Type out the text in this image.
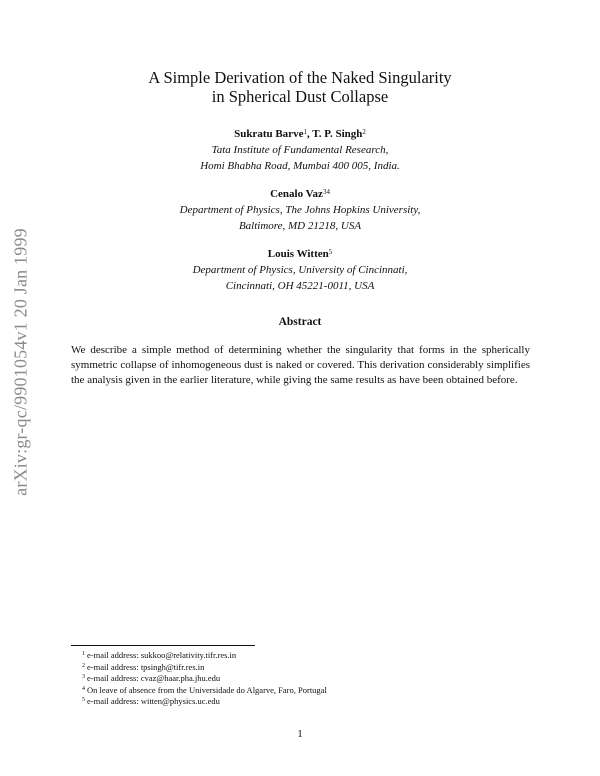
arXiv:gr-qc/9901054v1 20 Jan 1999
A Simple Derivation of the Naked Singularity
in Spherical Dust Collapse
Sukratu Barve$^1$, T. P. Singh$^2$
Tata Institute of Fundamental Research,
Homi Bhabha Road, Mumbai 400 005, India.
Cenalo Vaz$^{34}$
Department of Physics, The Johns Hopkins University,
Baltimore, MD 21218, USA
Louis Witten$^5$
Department of Physics, University of Cincinnati,
Cincinnati, OH 45221-0011, USA
Abstract
We describe a simple method of determining whether the singularity that forms in the spherically symmetric collapse of inhomogeneous dust is naked or covered. This derivation considerably simplifies the analysis given in the earlier literature, while giving the same results as have been obtained before.
$^1$ e-mail address: sukkoo@relativity.tifr.res.in
$^2$ e-mail address: tpsingh@tifr.res.in
$^3$ e-mail address: cvaz@haar.pha.jhu.edu
$^4$ On leave of absence from the Universidade do Algarve, Faro, Portugal
$^5$ e-mail address: witten@physics.uc.edu
1
